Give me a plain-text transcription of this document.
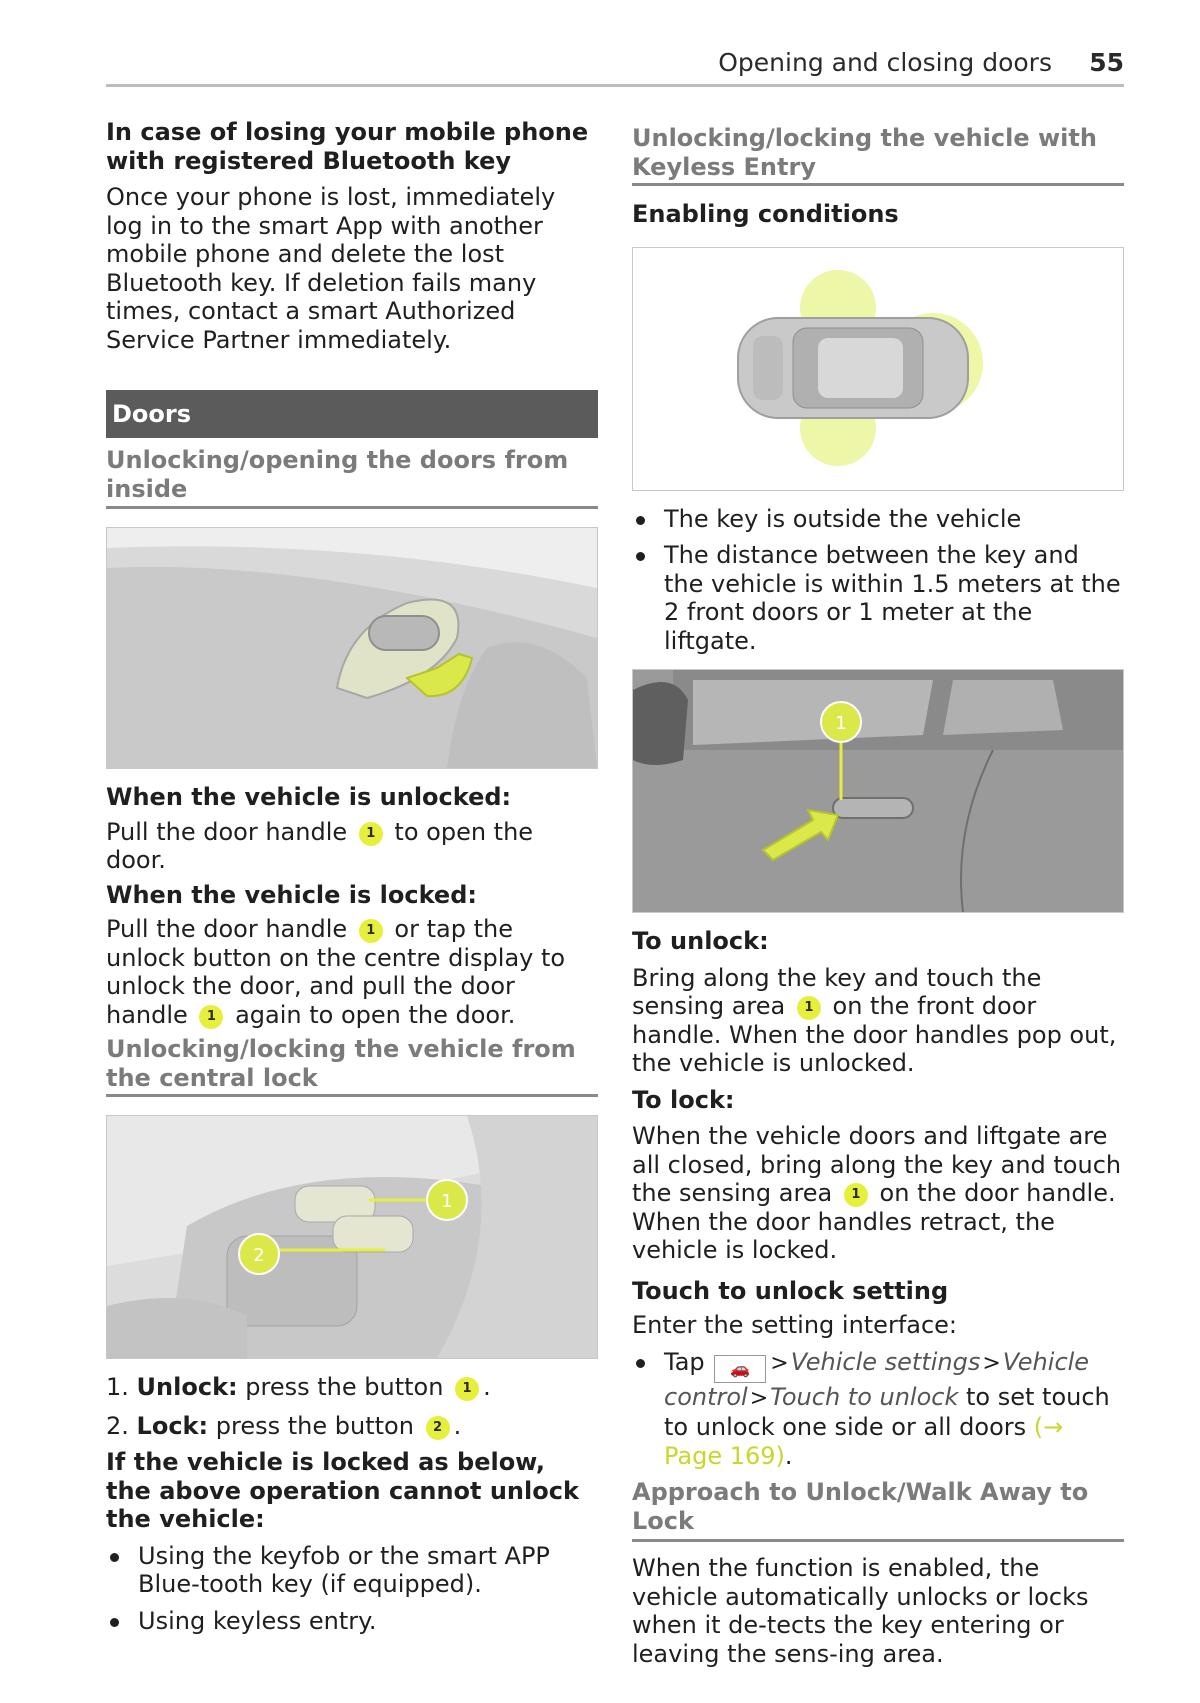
Opening and closing doors 55

In case of losing your mobile phone with registered Bluetooth key

Once your phone is lost, immediately log in to the smart App with another mobile phone and delete the lost Bluetooth key. If deletion fails many times, contact a smart Authorized Service Partner immediately.

Doors
Unlocking/opening the doors from inside

When the vehicle is unlocked:

Pull the door handle 1 to open the door.

When the vehicle is locked:

Pull the door handle 1 or tap the unlock button on the centre display to unlock the door, and pull the door handle 1 again to open the door.

Unlocking/locking the vehicle from the central lock
1
2
1. Unlock: press the button 1 .
2. Lock: press the button 2 .

If the vehicle is locked as below, the above operation cannot unlock the vehicle:

Using the keyfob or the smart APP Blue-tooth key (if equipped).
Using keyless entry.
Unlocking/locking the vehicle with Keyless Entry

Enabling conditions

The key is outside the vehicle
The distance between the key and the vehicle is within 1.5 meters at the 2 front doors or 1 meter at the liftgate.
1

To unlock:

Bring along the key and touch the sensing area 1 on the front door handle. When the door handles pop out, the vehicle is unlocked.

To lock:

When the vehicle doors and liftgate are all closed, bring along the key and touch the sensing area 1 on the door handle. When the door handles retract, the vehicle is locked.

Touch to unlock setting

Enter the setting interface:

Tap 🚗 >Vehicle settings>Vehicle control>Touch to unlock to set touch to unlock one side or all doors (→ Page 169).
Approach to Unlock/Walk Away to Lock

When the function is enabled, the vehicle automatically unlocks or locks when it de-tects the key entering or leaving the sens-ing area.
